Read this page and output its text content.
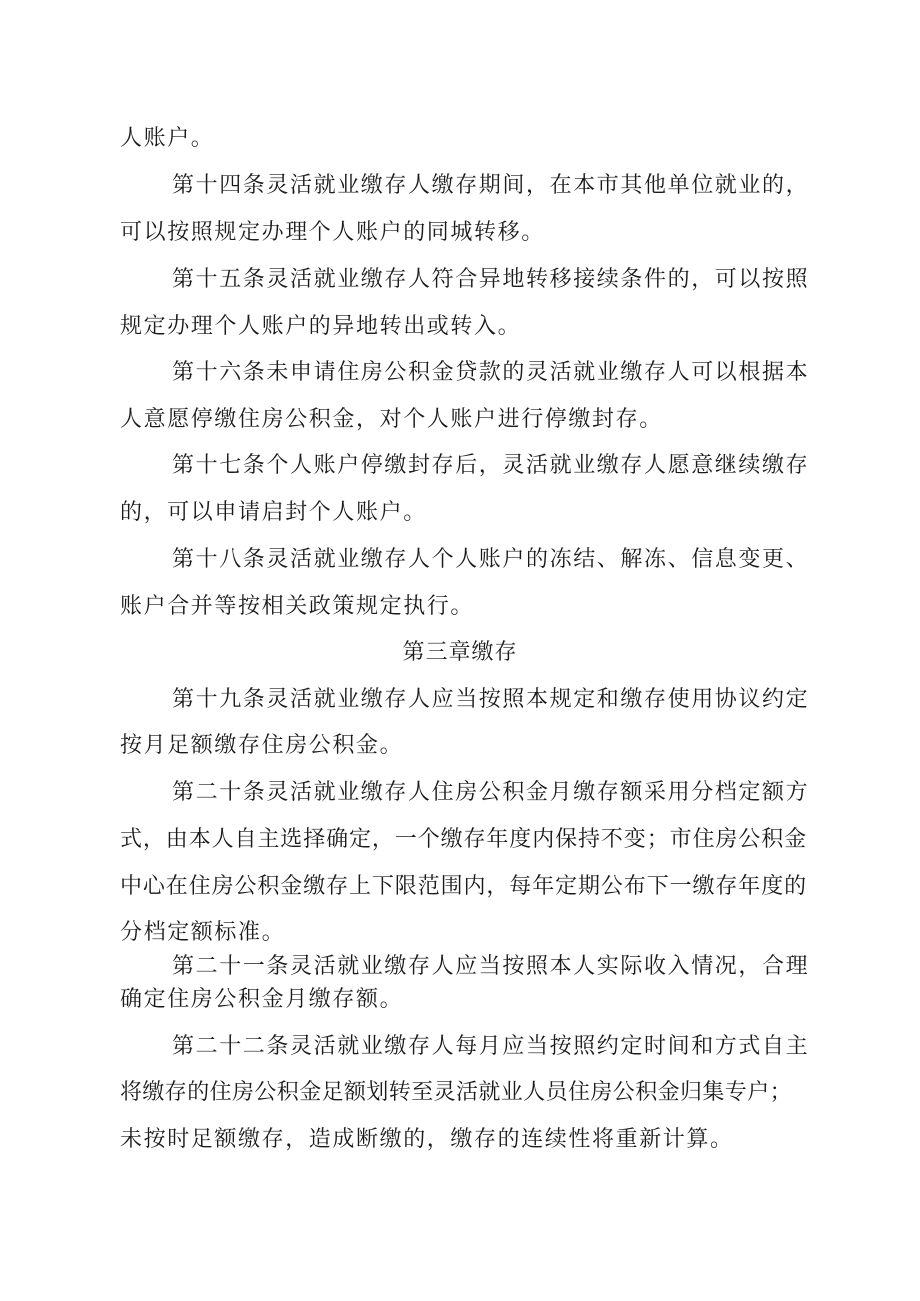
人账户。
第十四条灵活就业缴存人缴存期间，在本市其他单位就业的，
可以按照规定办理个人账户的同城转移。
第十五条灵活就业缴存人符合异地转移接续条件的，可以按照
规定办理个人账户的异地转出或转入。
第十六条未申请住房公积金贷款的灵活就业缴存人可以根据本
人意愿停缴住房公积金，对个人账户进行停缴封存。
第十七条个人账户停缴封存后，灵活就业缴存人愿意继续缴存
的，可以申请启封个人账户。
第十八条灵活就业缴存人个人账户的冻结、解冻、信息变更、
账户合并等按相关政策规定执行。
第三章缴存
第十九条灵活就业缴存人应当按照本规定和缴存使用协议约定
按月足额缴存住房公积金。
第二十条灵活就业缴存人住房公积金月缴存额采用分档定额方
式，由本人自主选择确定，一个缴存年度内保持不变；市住房公积金
中心在住房公积金缴存上下限范围内，每年定期公布下一缴存年度的
分档定额标准。
第二十一条灵活就业缴存人应当按照本人实际收入情况，合理
确定住房公积金月缴存额。
第二十二条灵活就业缴存人每月应当按照约定时间和方式自主
将缴存的住房公积金足额划转至灵活就业人员住房公积金归集专户；
未按时足额缴存，造成断缴的，缴存的连续性将重新计算。
